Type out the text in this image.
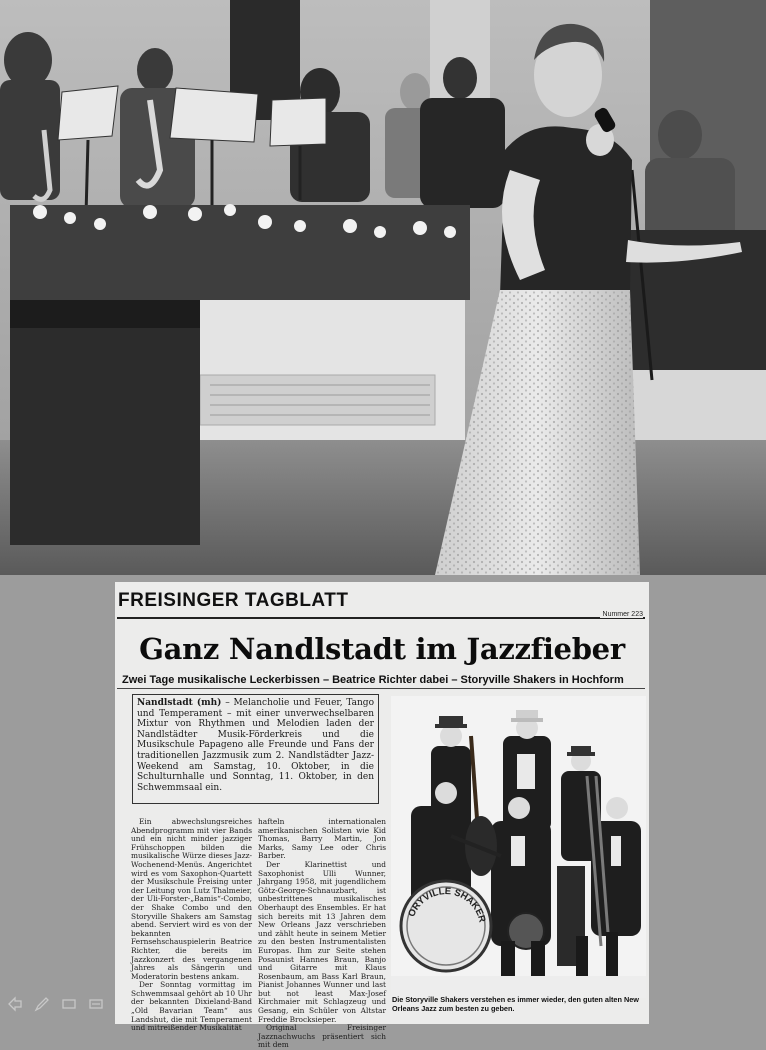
FREISINGER TAGBLATT
Nummer 223
Ganz Nandlstadt im Jazzfieber
Zwei Tage musikalische Leckerbissen – Beatrice Richter dabei – Storyville Shakers in Hochform
Nandlstadt (mh) – Melancholie und Feuer, Tango und Temperament – mit einer unverwechselbaren Mixtur von Rhythmen und Melodien laden der Nandlstädter Musik-Förderkreis und die Musikschule Papageno alle Freunde und Fans der traditionellen Jazzmusik zum 2. Nandlstädter Jazz-Weekend am Samstag, 10. Oktober, in die Schulturnhalle und Sonntag, 11. Oktober, in den Schwemmsaal ein.

Ein abwechslungsreiches Abendprogramm mit vier Bands und ein nicht minder jazziger Frühschoppen bilden die musikalische Würze dieses Jazz-Wochenend-Menüs. Angerichtet wird es vom Saxophon-Quartett der Musikschule Freising unter der Leitung von Lutz Thalmeier, der Uli-Forster-„Bamis“-Combo, der Shake Combo und den Storyville Shakers am Samstag abend. Serviert wird es von der bekannten Fernsehschauspielerin Beatrice Richter, die bereits im Jazzkonzert des vergangenen Jahres als Sängerin und Moderatorin bestens ankam.

Der Sonntag vormittag im Schwemmsaal gehört ab 10 Uhr der bekannten Dixieland-Band „Old Bavarian Team“ aus Landshut, die mit Temperament und mitreißender Musikalität

hafteln internationalen amerikanischen Solisten wie Kid Thomas, Barry Martin, Jon Marks, Samy Lee oder Chris Barber.

Der Klarinettist und Saxophonist Ulli Wunner, Jahrgang 1958, mit jugendlichem Götz-George-Schnauzbart, ist unbestrittenes musikalisches Oberhaupt des Ensembles. Er hat sich bereits mit 13 Jahren dem New Orleans Jazz verschrieben und zählt heute in seinem Metier zu den besten Instrumentalisten Europas. Ihm zur Seite stehen Posaunist Hannes Braun, Banjo und Gitarre mit Klaus Rosenbaum, am Bass Karl Braun, Pianist Johannes Wunner und last but not least Max-Josef Kirchmaier mit Schlagzeug und Gesang, ein Schüler von Altstar Freddie Brocksieper.

Original Freisinger Jazznachwuchs präsentiert sich mit dem

ORYVILLE SHAKER
Die Storyville Shakers verstehen es immer wieder, den guten alten New Orleans Jazz zum besten zu geben.
